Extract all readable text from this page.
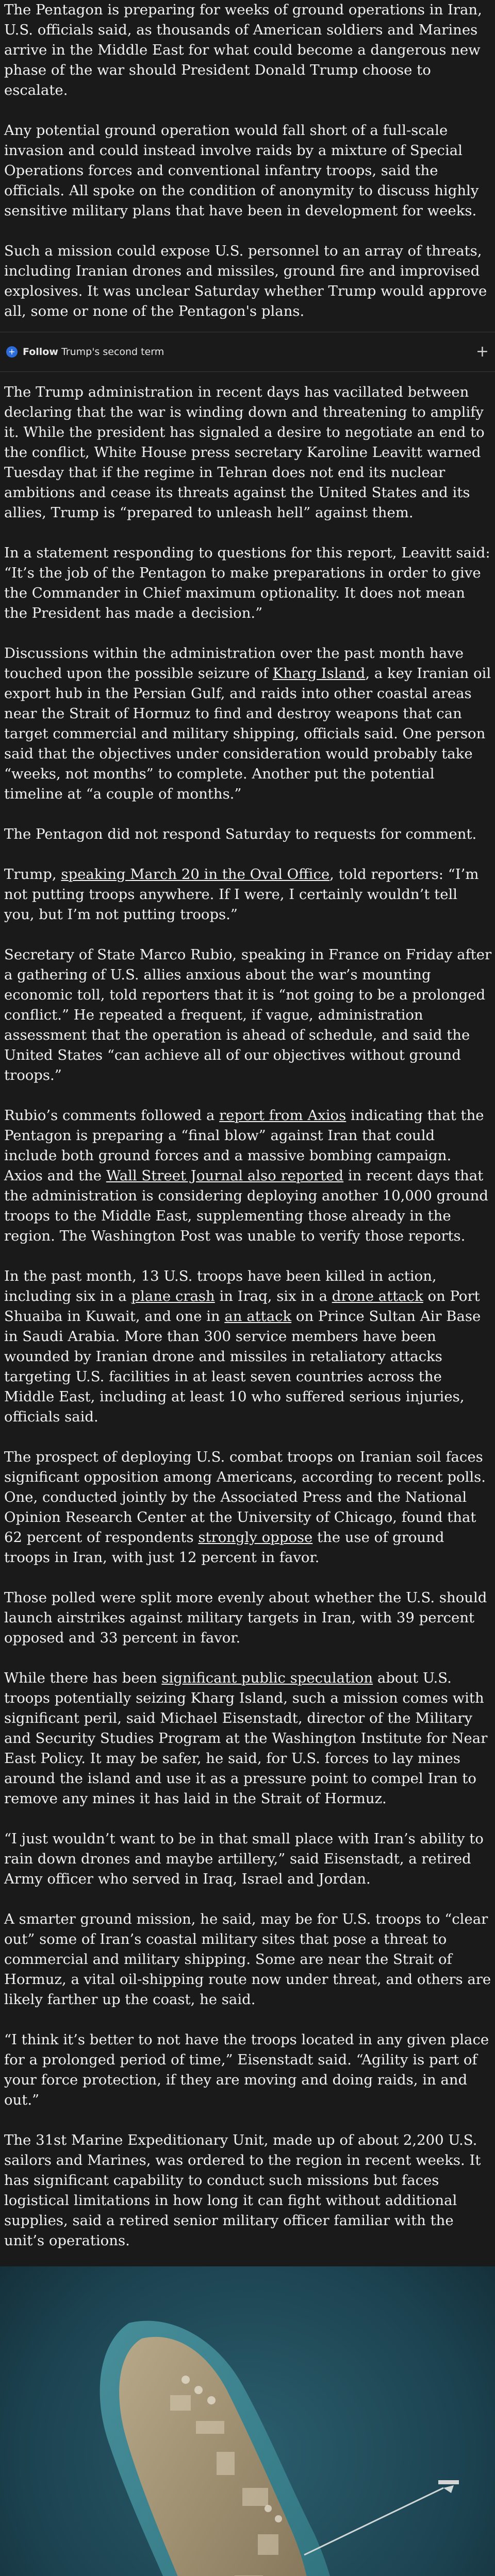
The Pentagon is preparing for weeks of ground operations in Iran, U.S. officials said, as thousands of American soldiers and Marines arrive in the Middle East for what could become a dangerous new phase of the war should President Donald Trump choose to escalate.

Any potential ground operation would fall short of a full-scale invasion and could instead involve raids by a mixture of Special Operations forces and conventional infantry troops, said the officials. All spoke on the condition of anonymity to discuss highly sensitive military plans that have been in development for weeks.

Such a mission could expose U.S. personnel to an array of threats, including Iranian drones and missiles, ground fire and improvised explosives. It was unclear Saturday whether Trump would approve all, some or none of the Pentagon's plans.

+ Follow Trump's second term	+

The Trump administration in recent days has vacillated between declaring that the war is winding down and threatening to amplify it. While the president has signaled a desire to negotiate an end to the conflict, White House press secretary Karoline Leavitt warned Tuesday that if the regime in Tehran does not end its nuclear ambitions and cease its threats against the United States and its allies, Trump is “prepared to unleash hell” against them.

In a statement responding to questions for this report, Leavitt said: “It’s the job of the Pentagon to make preparations in order to give the Commander in Chief maximum optionality. It does not mean the President has made a decision.”

Discussions within the administration over the past month have touched upon the possible seizure of Kharg Island, a key Iranian oil export hub in the Persian Gulf, and raids into other coastal areas near the Strait of Hormuz to find and destroy weapons that can target commercial and military shipping, officials said. One person said that the objectives under consideration would probably take “weeks, not months” to complete. Another put the potential timeline at “a couple of months.”

The Pentagon did not respond Saturday to requests for comment.

Trump, speaking March 20 in the Oval Office, told reporters: “I’m not putting troops anywhere. If I were, I certainly wouldn’t tell you, but I’m not putting troops.”

Secretary of State Marco Rubio, speaking in France on Friday after a gathering of U.S. allies anxious about the war’s mounting economic toll, told reporters that it is “not going to be a prolonged conflict.” He repeated a frequent, if vague, administration assessment that the operation is ahead of schedule, and said the United States “can achieve all of our objectives without ground troops.”

Rubio’s comments followed a report from Axios indicating that the Pentagon is preparing a “final blow” against Iran that could include both ground forces and a massive bombing campaign. Axios and the Wall Street Journal also reported in recent days that the administration is considering deploying another 10,000 ground troops to the Middle East, supplementing those already in the region. The Washington Post was unable to verify those reports.

In the past month, 13 U.S. troops have been killed in action, including six in a plane crash in Iraq, six in a drone attack on Port Shuaiba in Kuwait, and one in an attack on Prince Sultan Air Base in Saudi Arabia. More than 300 service members have been wounded by Iranian drone and missiles in retaliatory attacks targeting U.S. facilities in at least seven countries across the Middle East, including at least 10 who suffered serious injuries, officials said.

The prospect of deploying U.S. combat troops on Iranian soil faces significant opposition among Americans, according to recent polls. One, conducted jointly by the Associated Press and the National Opinion Research Center at the University of Chicago, found that 62 percent of respondents strongly oppose the use of ground troops in Iran, with just 12 percent in favor.

Those polled were split more evenly about whether the U.S. should launch airstrikes against military targets in Iran, with 39 percent opposed and 33 percent in favor.

While there has been significant public speculation about U.S. troops potentially seizing Kharg Island, such a mission comes with significant peril, said Michael Eisenstadt, director of the Military and Security Studies Program at the Washington Institute for Near East Policy. It may be safer, he said, for U.S. forces to lay mines around the island and use it as a pressure point to compel Iran to remove any mines it has laid in the Strait of Hormuz.

“I just wouldn’t want to be in that small place with Iran’s ability to rain down drones and maybe artillery,” said Eisenstadt, a retired Army officer who served in Iraq, Israel and Jordan.

A smarter ground mission, he said, may be for U.S. troops to “clear out” some of Iran’s coastal military sites that pose a threat to commercial and military shipping. Some are near the Strait of Hormuz, a vital oil-shipping route now under threat, and others are likely farther up the coast, he said.

“I think it’s better to not have the troops located in any given place for a prolonged period of time,” Eisenstadt said. “Agility is part of your force protection, if they are moving and doing raids, in and out.”

The 31st Marine Expeditionary Unit, made up of about 2,200 U.S. sailors and Marines, was ordered to the region in recent weeks. It has significant capability to conduct such missions but faces logistical limitations in how long it can fight without additional supplies, said a retired senior military officer familiar with the unit’s operations.
